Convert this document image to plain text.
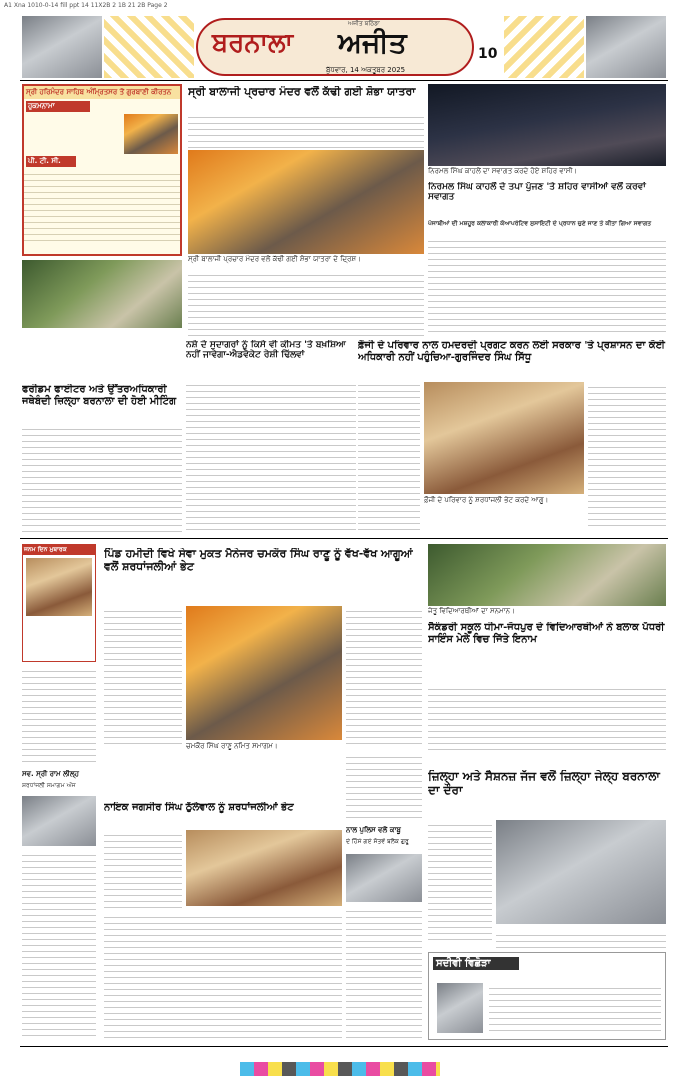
A1 Xna 1010-0-14 fill ppt 14 11X2B 2 1B 21 2B Page 2
ਅਜੀਤ ਬਠਿੰਡਾ
ਬਰਨਾਲਾ ਅਜੀਤ
ਬੁੱਧਵਾਰ, 14 ਅਕਤੂਬਰ 2025
10
ਸ੍ਰੀ ਹਰਿਮੰਦਰ ਸਾਹਿਬ ਅੰਮ੍ਰਿਤਸਰ ਤੋਂ ਗੁਰਬਾਣੀ ਕੀਰਤਨ
ਹੁਕਮਨਾਮਾ
ਪੀ. ਟੀ. ਸੀ.
ਸ੍ਰੀ ਬਾਲਾਜੀ ਪ੍ਰਚਾਰ ਮੰਦਰ ਵਲੋਂ ਕੱਢੀ ਗਈ ਸ਼ੋਭਾ ਯਾਤਰਾ
ਸ੍ਰੀ ਬਾਲਾਜੀ ਪ੍ਰਚਾਰ ਮੰਦਰ ਵਲੋਂ ਕੱਢੀ ਗਈ ਸ਼ੋਭਾ ਯਾਤਰਾ ਦੇ ਦ੍ਰਿਸ਼।
ਨਿਰਮਲ ਸਿੰਘ ਕਾਹਲੋਂ ਦਾ ਸਵਾਗਤ ਕਰਦੇ ਹੋਏ ਸ਼ਹਿਰ ਵਾਸੀ।
ਨਿਰਮਲ ਸਿੰਘ ਕਾਹਲੋਂ ਦੇ ਤਪਾ ਪੁੱਜਣ 'ਤੇ ਸ਼ਹਿਰ ਵਾਸੀਆਂ ਵਲੋਂ ਕਰਵਾਂ ਸਵਾਗਤ
ਪੰਜਾਬੀਆਂ ਦੀ ਮਸ਼ਹੂਰ ਕਲਾਕਾਰੀ ਕੋਆਪਰੇਟਿਵ ਸੁਸਾਇਟੀ ਦੇ ਪ੍ਰਧਾਨ ਚੁਣੇ ਜਾਣ ਤੇ ਕੀਤਾ ਗਿਆ ਸਵਾਗਤ
ਨਸ਼ੇ ਦੇ ਸੁਦਾਗਰਾਂ ਨੂੰ ਕਿਸੇ ਵੀ ਕੀਮਤ 'ਤੇ ਬਖ਼ਸ਼ਿਆ ਨਹੀਂ ਜਾਵੇਗਾ-ਐਡਵੋਕੇਟ ਰੇਸ਼ੀ ਢਿੱਲਵਾਂ
ਫ਼ੌਜੀ ਦੇ ਪਰਿਵਾਰ ਨਾਲ ਹਮਦਰਦੀ ਪ੍ਰਗਟ ਕਰਨ ਲਈ ਸਰਕਾਰ 'ਤੇ ਪ੍ਰਸ਼ਾਸਨ ਦਾ ਕੋਈ ਅਧਿਕਾਰੀ ਨਹੀਂ ਪਹੁੰਚਿਆ-ਗੁਰਜਿੰਦਰ ਸਿੰਘ ਸਿੱਧੂ
ਫ਼ੌਜੀ ਦੇ ਪਰਿਵਾਰ ਨੂੰ ਸ਼ਰਧਾਂਜਲੀ ਭੇਟ ਕਰਦੇ ਆਗੂ।
ਫਰੀਡਮ ਫਾਈਟਰ ਅਤੇ ਉੱਤਰਅਧਿਕਾਰੀ ਜਥੇਬੰਦੀ ਜ਼ਿਲ੍ਹਾ ਬਰਨਾਲਾ ਦੀ ਹੋਈ ਮੀਟਿੰਗ
ਜਨਮ ਦਿਨ ਮੁਬਾਰਕ	ਪਿੰਡ ਹਮੀਦੀ ਵਿਖੇ ਸੇਵਾ ਮੁਕਤ ਮੈਨੇਜਰ ਚਮਕੌਰ ਸਿੰਘ ਰਾਣੂ ਨੂੰ ਵੱਖ-ਵੱਖ ਆਗੂਆਂ ਵਲੋਂ ਸ਼ਰਧਾਂਜਲੀਆਂ ਭੇਟ
ਚਮਕੌਰ ਸਿੰਘ ਰਾਣੂ ਨਮਿਤ ਸਮਾਗਮ।
ਜੇਤੂ ਵਿਦਿਆਰਥੀਆਂ ਦਾ ਸਨਮਾਨ।
ਸੈਕੰਡਰੀ ਸਕੂਲ ਧੀਮਾ-ਜੋਧਪੁਰ ਦੇ ਵਿਦਿਆਰਥੀਆਂ ਨੇ ਬਲਾਕ ਪੱਧਰੀ ਸਾਇੰਸ ਮੇਲੇ ਵਿਚ ਜਿੱਤੇ ਇਨਾਮ
ਸਵ. ਸ੍ਰੀ ਰਾਮ ਲੀਲ੍ਹ
ਸ਼ਰਧਾਂਜਲੀ ਸਮਾਗਮ ਅੱਜ
ਨਾਇਕ ਜਗਸੀਰ ਸਿੰਘ ਠੁੱਲੇਵਾਲ ਨੂੰ ਸ਼ਰਧਾਂਜਲੀਆਂ ਭੇਟ
ਨਾਲ ਪੁਲਿਸ ਵਲੋਂ ਕਾਬੂ
ਦੇ ਹਿੱਸੇ ਗਏ ਸੱਤਵੇਂ ਬਲੈਕ ਗੁਰੂ
ਜ਼ਿਲ੍ਹਾ ਅਤੇ ਸੈਸ਼ਨਜ਼ ਜੱਜ ਵਲੋਂ ਜ਼ਿਲ੍ਹਾ ਜੇਲ੍ਹ ਬਰਨਾਲਾ ਦਾ ਦੌਰਾ
ਸਦੀਵੀ ਵਿਛੋੜਾ
